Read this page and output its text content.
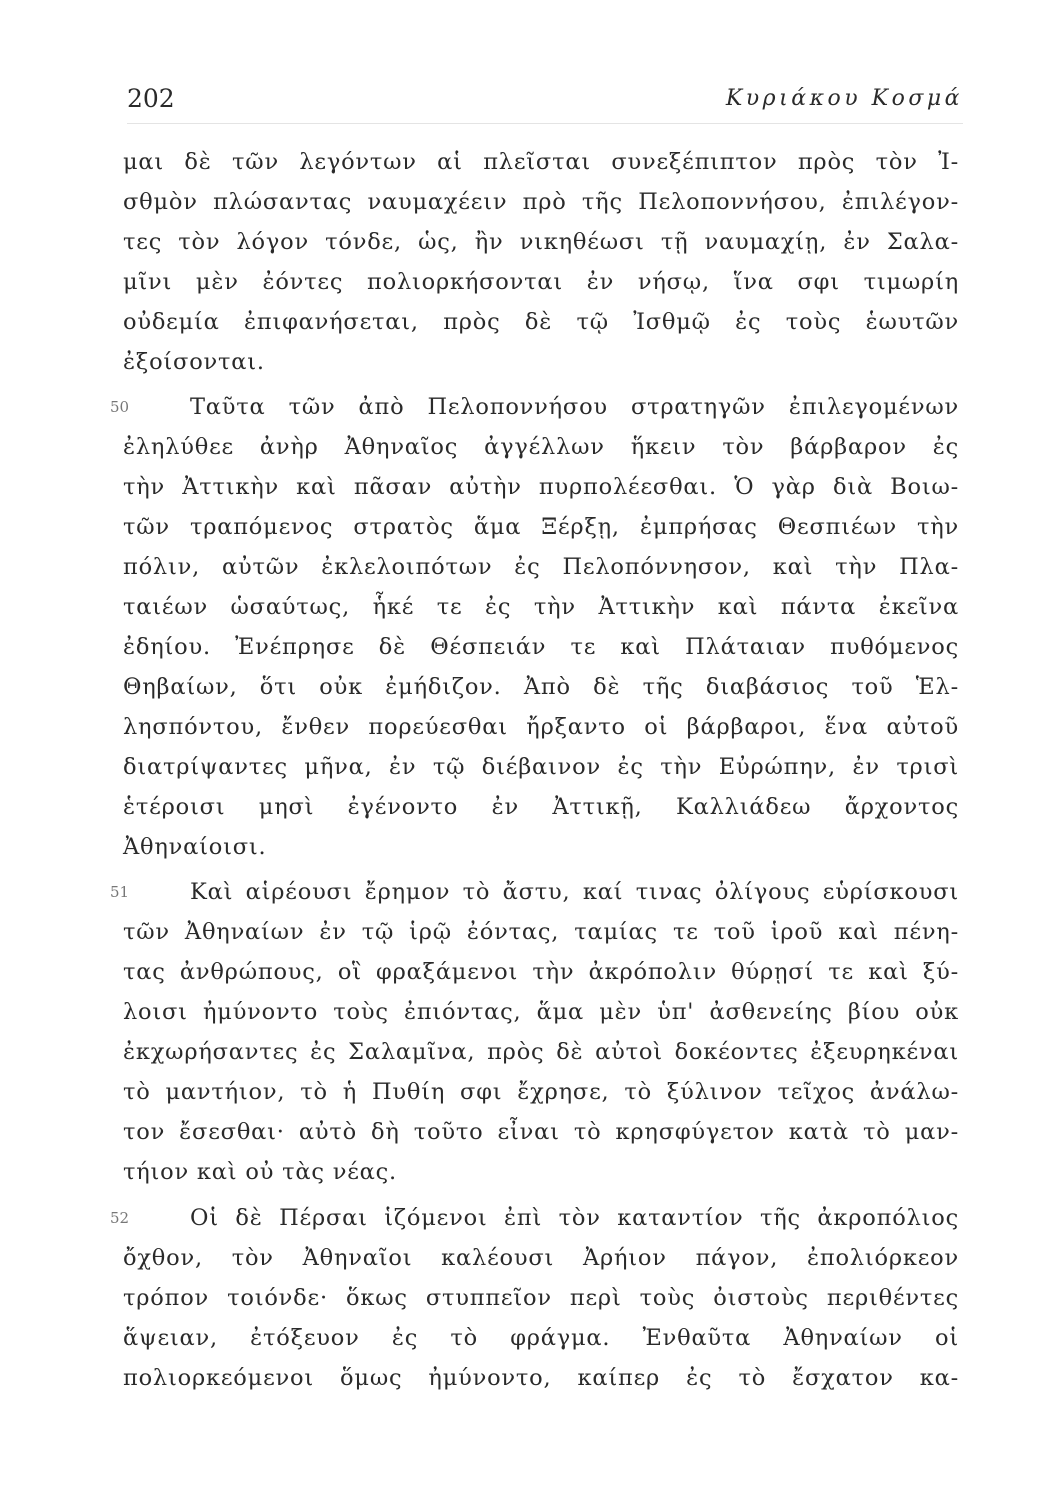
202	Κυριάκου Κοσμά
μαι δὲ τῶν λεγόντων αἱ πλεῖσται συνεξέπιπτον πρὸς τὸν Ἰ-
σθμὸν πλώσαντας ναυμαχέειν πρὸ τῆς Πελοποννήσου, ἐπιλέγον-
τες τὸν λόγον τόνδε, ὡς, ἢν νικηθέωσι τῇ ναυμαχίῃ, ἐν Σαλα-
μῖνι μὲν ἐόντες πολιορκήσονται ἐν νήσῳ, ἵνα σφι τιμωρίη
οὐδεμία ἐπιφανήσεται, πρὸς δὲ τῷ Ἰσθμῷ ἐς τοὺς ἑωυτῶν
ἐξοίσονται.
50	Ταῦτα τῶν ἀπὸ Πελοποννήσου στρατηγῶν ἐπιλεγομένων
ἐληλύθεε ἀνὴρ Ἀθηναῖος ἀγγέλλων ἥκειν τὸν βάρβαρον ἐς
τὴν Ἀττικὴν καὶ πᾶσαν αὐτὴν πυρπολέεσθαι. Ὁ γὰρ διὰ Βοιω-
τῶν τραπόμενος στρατὸς ἅμα Ξέρξῃ, ἐμπρήσας Θεσπιέων τὴν
πόλιν, αὐτῶν ἐκλελοιπότων ἐς Πελοπόννησον, καὶ τὴν Πλα-
ταιέων ὡσαύτως, ἧκέ τε ἐς τὴν Ἀττικὴν καὶ πάντα ἐκεῖνα
ἐδηίου. Ἐνέπρησε δὲ Θέσπειάν τε καὶ Πλάταιαν πυθόμενος
Θηβαίων, ὅτι οὐκ ἐμήδιζον. Ἀπὸ δὲ τῆς διαβάσιος τοῦ Ἑλ-
λησπόντου, ἔνθεν πορεύεσθαι ἤρξαντο οἱ βάρβαροι, ἕνα αὐτοῦ
διατρίψαντες μῆνα, ἐν τῷ διέβαινον ἐς τὴν Εὐρώπην, ἐν τρισὶ
ἑτέροισι μησὶ ἐγένοντο ἐν Ἀττικῇ, Καλλιάδεω ἄρχοντος
Ἀθηναίοισι.
51	Καὶ αἱρέουσι ἔρημον τὸ ἄστυ, καί τινας ὀλίγους εὑρίσκουσι
τῶν Ἀθηναίων ἐν τῷ ἱρῷ ἐόντας, ταμίας τε τοῦ ἱροῦ καὶ πένη-
τας ἀνθρώπους, οἳ φραξάμενοι τὴν ἀκρόπολιν θύρῃσί τε καὶ ξύ-
λοισι ἠμύνοντο τοὺς ἐπιόντας, ἅμα μὲν ὑπ' ἀσθενείης βίου οὐκ
ἐκχωρήσαντες ἐς Σαλαμῖνα, πρὸς δὲ αὐτοὶ δοκέοντες ἐξευρηκέναι
τὸ μαντήιον, τὸ ἡ Πυθίη σφι ἔχρησε, τὸ ξύλινον τεῖχος ἀνάλω-
τον ἔσεσθαι· αὐτὸ δὴ τοῦτο εἶναι τὸ κρησφύγετον κατὰ τὸ μαν-
τήιον καὶ οὐ τὰς νέας.
52	Οἱ δὲ Πέρσαι ἱζόμενοι ἐπὶ τὸν καταντίον τῆς ἀκροπόλιος
ὄχθον, τὸν Ἀθηναῖοι καλέουσι Ἀρήιον πάγον, ἐπολιόρκεον
τρόπον τοιόνδε· ὅκως στυππεῖον περὶ τοὺς ὀιστοὺς περιθέντες
ἅψειαν, ἐτόξευον ἐς τὸ φράγμα. Ἐνθαῦτα Ἀθηναίων οἱ
πολιορκεόμενοι ὅμως ἠμύνοντο, καίπερ ἐς τὸ ἔσχατον κα-
